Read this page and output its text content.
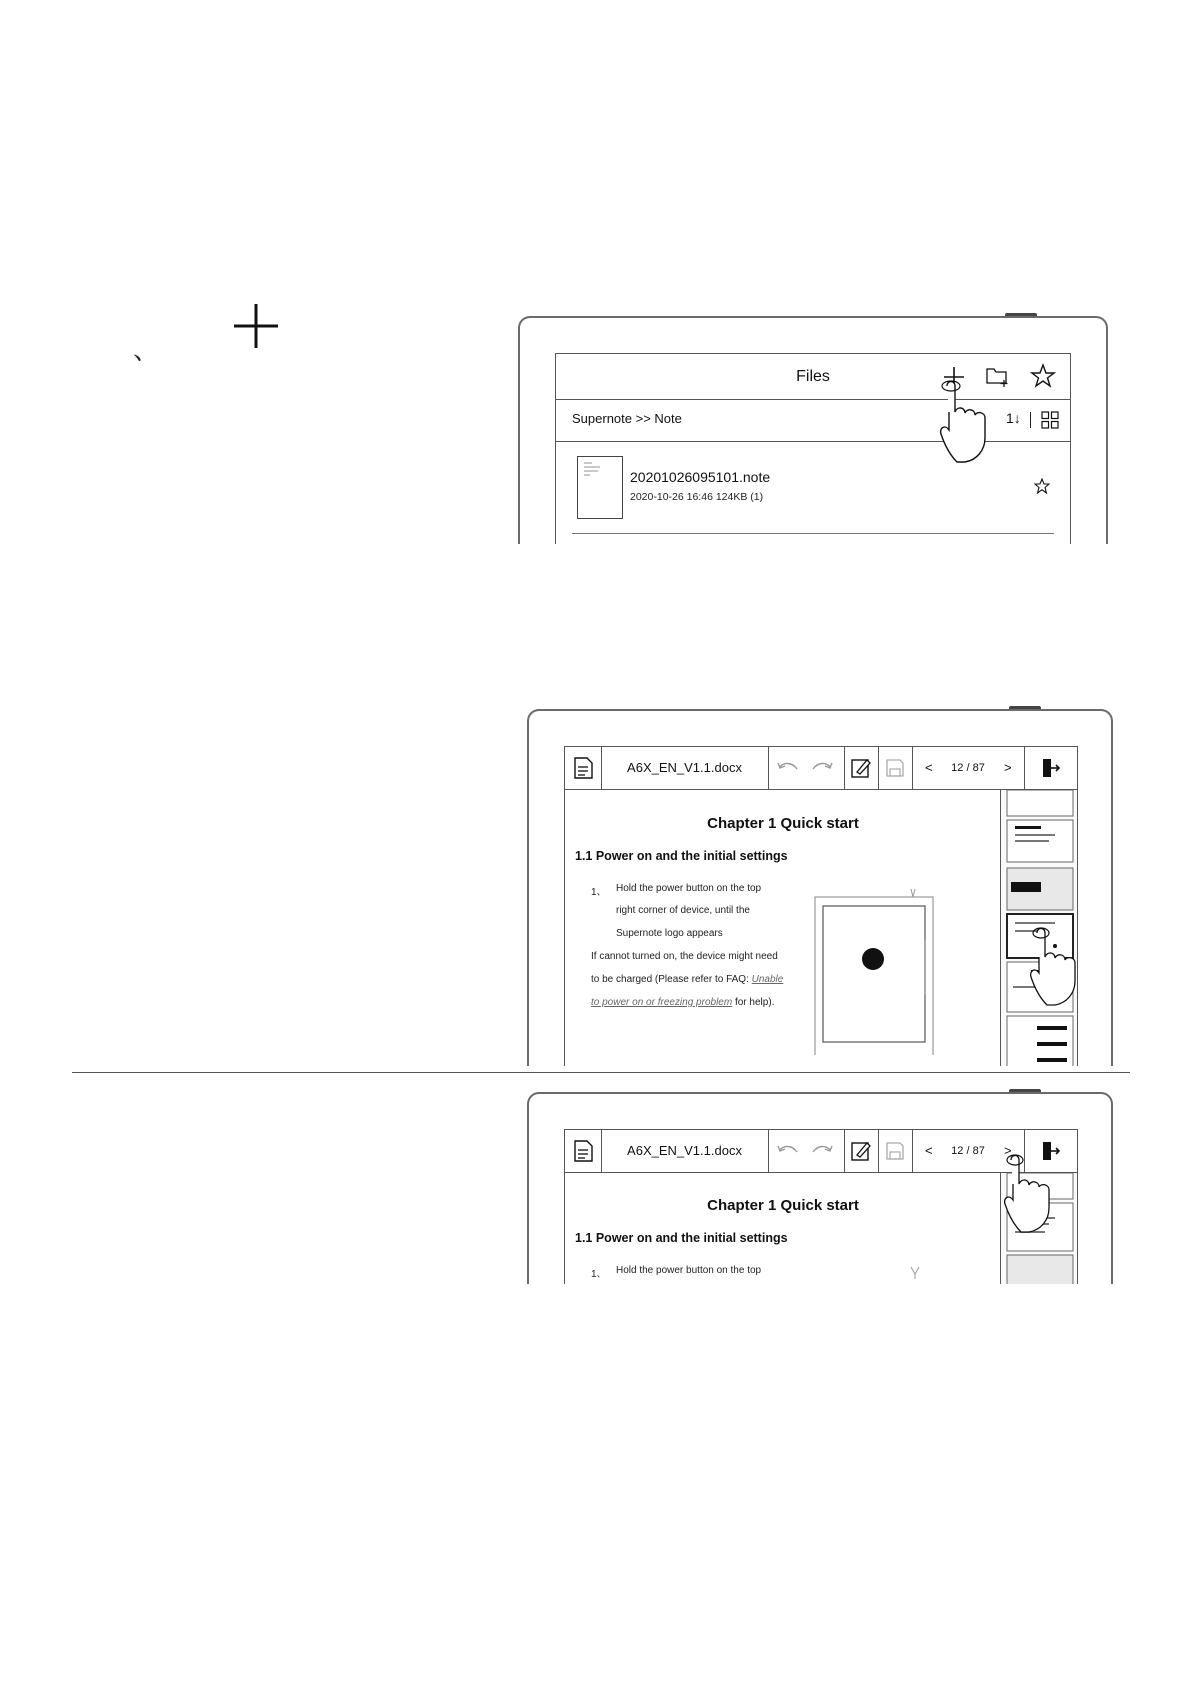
、
Files
Supernote >> Note	1↓
20201026095101.note
2020-10-26 16:46 124KB (1)
A6X_EN_V1.1.docx	<	12 / 87	>
Chapter 1 Quick start
1.1 Power on and the initial settings
1、 Hold the power button on the top
right corner of device, until the
Supernote logo appears
If cannot turned on, the device might need
to be charged (Please refer to FAQ: Unable
to power on or freezing problem for help).
A6X_EN_V1.1.docx	<	12 / 87	>
Chapter 1 Quick start
1.1 Power on and the initial settings
1、 Hold the power button on the top
